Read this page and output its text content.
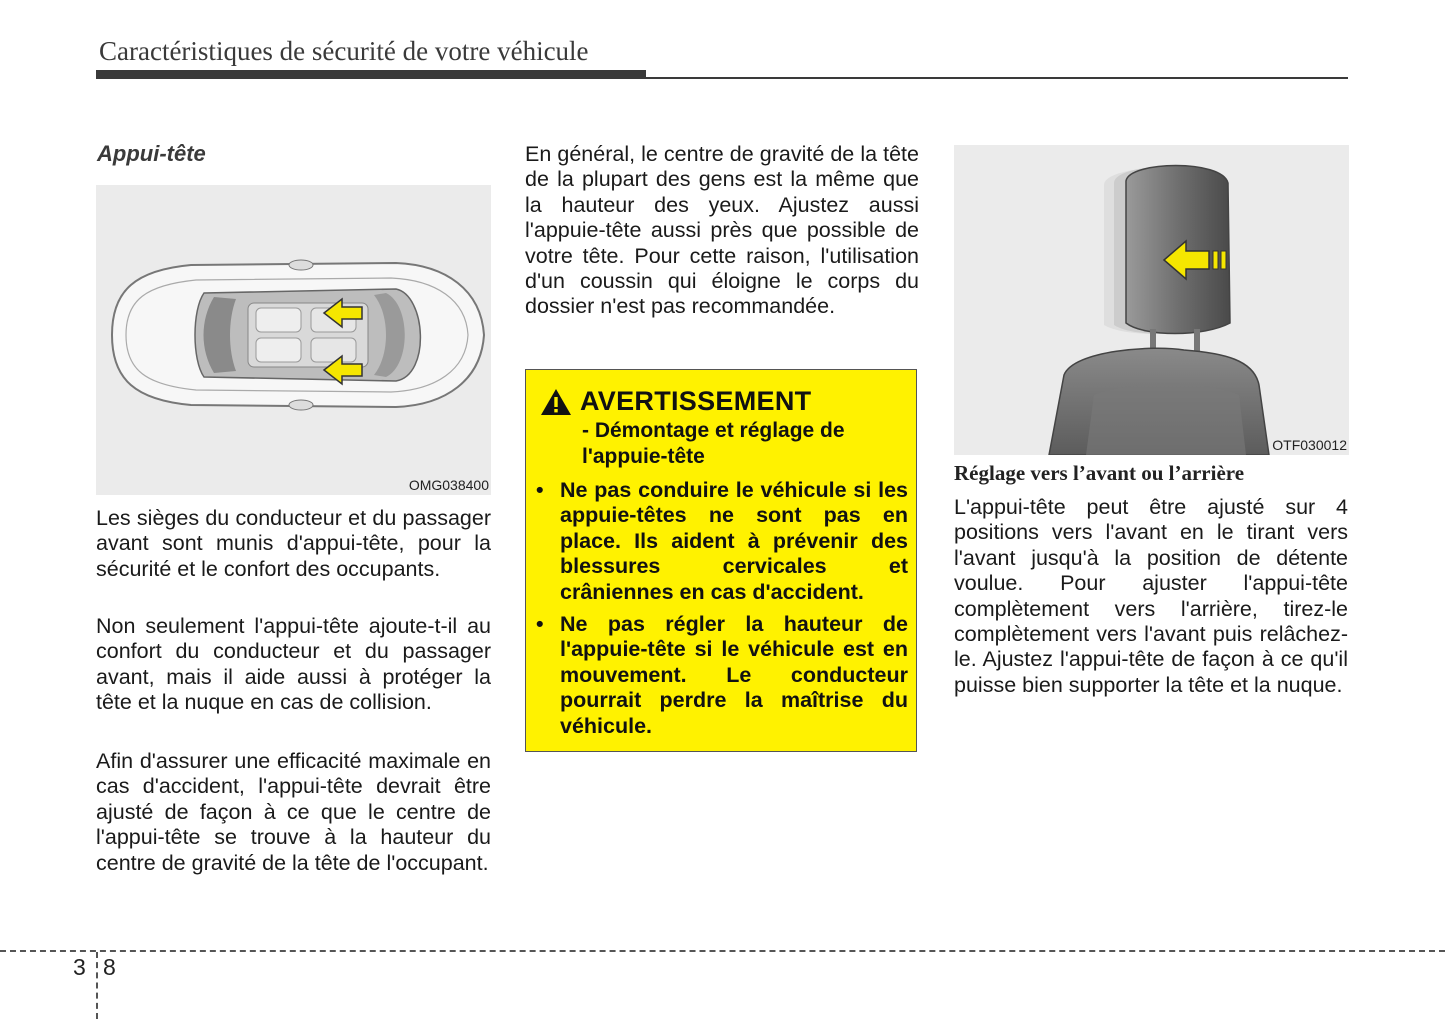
Caractéristiques de sécurité de votre véhicule
Appui-tête
OMG038400

Les sièges du conducteur et du passager avant sont munis d'appui-tête, pour la sécurité et le confort des occupants.

Non seulement l'appui-tête ajoute-t-il au confort du conducteur et du passager avant, mais il aide aussi à protéger la tête et la nuque en cas de collision.

Afin d'assurer une efficacité maximale en cas d'accident, l'appui-tête devrait être ajusté de façon à ce que le centre de l'appui-tête se trouve à la hauteur du centre de gravité de la tête de l'occupant.

En général, le centre de gravité de la tête de la plupart des gens est la même que la hauteur des yeux. Ajustez aussi l'appuie-tête aussi près que possible de votre tête. Pour cette raison, l'utilisation d'un coussin qui éloigne le corps du dossier n'est pas recommandée.

AVERTISSEMENT
- Démontage et réglage de l'appuie-tête
• Ne pas conduire le véhicule si les appuie-têtes ne sont pas en place. Ils aident à prévenir des blessures cervicales et crâniennes en cas d'accident.
• Ne pas régler la hauteur de l'appuie-tête si le véhicule est en mouvement. Le conducteur pourrait perdre la maîtrise du véhicule.
OTF030012
Réglage vers l’avant ou l’arrière

L'appui-tête peut être ajusté sur 4 positions vers l'avant en le tirant vers l'avant jusqu'à la position de détente voulue. Pour ajuster l'appui-tête complètement vers l'arrière, tirez-le complètement vers l'avant puis relâchez-le. Ajustez l'appui-tête de façon à ce qu'il puisse bien supporter la tête et la nuque.

3 8
